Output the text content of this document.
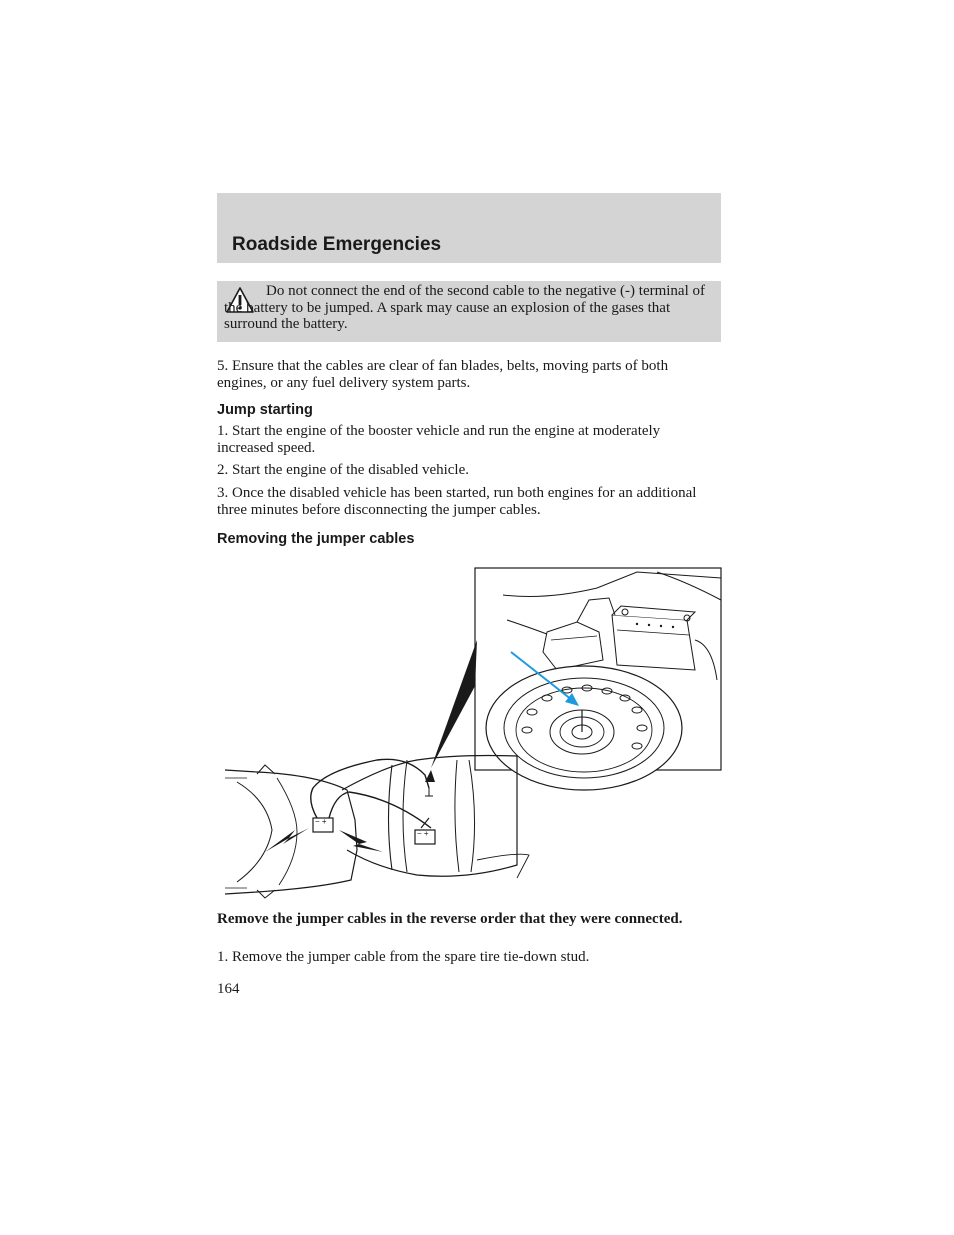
Roadside Emergencies

Do not connect the end of the second cable to the negative (-) terminal of the battery to be jumped. A spark may cause an explosion of the gases that surround the battery.

5. Ensure that the cables are clear of fan blades, belts, moving parts of both engines, or any fuel delivery system parts.

Jump starting

1. Start the engine of the booster vehicle and run the engine at moderately increased speed.

2. Start the engine of the disabled vehicle.

3. Once the disabled vehicle has been started, run both engines for an additional three minutes before disconnecting the jumper cables.

Removing the jumper cables
− +
− +

Remove the jumper cables in the reverse order that they were connected.

1. Remove the jumper cable from the spare tire tie-down stud.

164
